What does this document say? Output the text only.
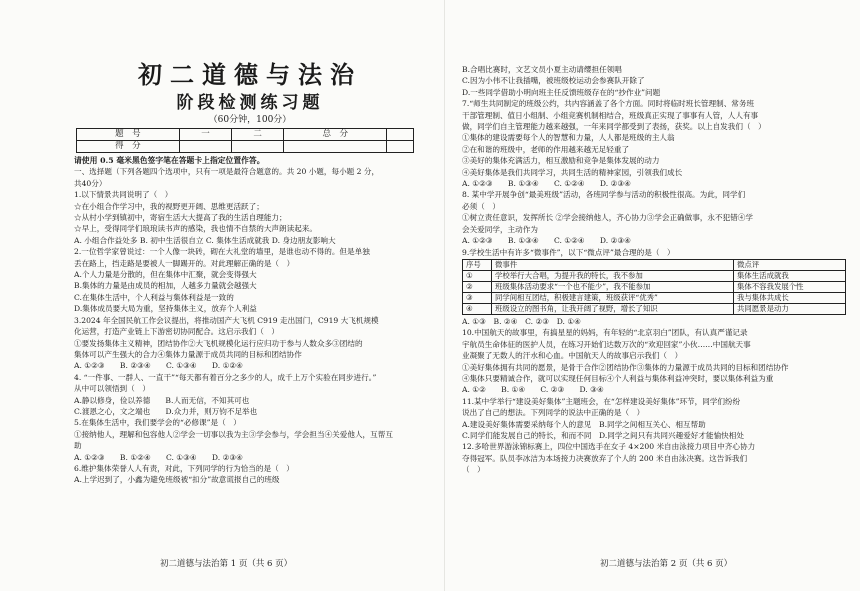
初二道德与法治

阶段检测练习题

（60分钟，100分）

题　号	一	二	总　分	
得　分				

请使用 0.5 毫米黑色签字笔在答题卡上指定位置作答。

一、选择题（下列各题四个选项中，只有一项是最符合题意的。共 20 小题，每小题 2 分，

共40分）

1.以下情景共同说明了（　）

☆在小组合作学习中，我的视野更开阔、思维更活跃了；

☆从村小学到镇初中，寄宿生活大大提高了我的生活自理能力；

☆早上，受得同学们琅琅读书声的感染，我也情不自禁的大声朗读起来。

A. 小组合作益处多 B. 初中生活很自立 C. 集体生活成就我 D. 身边朋友影响大

2.一位哲学家曾说过：一个人像一块砖，砌在大礼堂的墙里，是谁也动不得的。但是单独

丢在路上，挡走路是要被人一脚踢开的。对此理解正确的是（　）

A.个人力量是分散的，但在集体中汇聚，就会变得强大

B.集体的力量是由成员的相加，人越多力量就会越强大

C.在集体生活中，个人利益与集体利益是一致的

D.集体成员要大局为重，坚持集体主义，放弃个人利益

3.2024 年全国民航工作会议提出，将推动国产大飞机 C919 走出国门，C919 大飞机规模

化运营，打造产业链上下游密切协同配合。这启示我们（　）

①要发扬集体主义精神，团结协作②大飞机规模化运行应归功于参与人数众多③团结的

集体可以产生强大的合力④集体力量源于成员共同的目标和团结协作

A. ①②③　　B. ②③④　　C. ①③④　　D. ①②④

4. “一件事、一群人、一直干”“每天都有着百分之多少的人，成千上万个实验在同步进行。”

从中可以领悟到（　）

A.静以修身，俭以养德　　B.人而无信，不知其可也

C.渡恩之心，文之端也　　D.众力并，则万钧不足举也

5.在集体生活中，我们要学会的“必修课”是（　）

①接纳他人，理解和包容他人②学会一切事以我为主③学会参与，学会担当④关爱他人，互帮互

助

A. ①②③　　B. ①②④　　C. ①③④　　D. ②③④

6.维护集体荣誉人人有责，对此，下列同学的行为恰当的是（　）

A.上学迟到了，小鑫为避免班级被“扣分”故意谎报自己的班级

初二道德与法治第 1 页（共 6 页）

B.合唱比赛时，文艺文员小夏主动请缨担任领唱

C.因为小伟不让我插嘴，被班级校运动会参赛队开除了

D.一些同学借助小明向班主任反馈班级存在的“抄作业”问题

7.“师生共同制定的班级公约，共内容涵盖了各个方面。同时将临时班长管理制、常务班

干部管理制、值日小组制、小组竞赛机制相结合，班级真正实现了事事有人管，人人有事

做，同学们自主管理能力越来越强，一年来同学都受到了表扬，获奖。以上自发我们（　）

①集体的建设需要每个人的智慧和力量，人人都是班级的主人翁

②在和谐的班级中，老师的作用越来越无足轻重了

③美好的集体充满活力，相互激励和竞争是集体发展的动力

④美好集体是我们共同学习，共同生活的精神家园，引领我们成长

A. ①②③　　B. ①③④　　C. ①②④　　D. ②③④

8. 某中学开展争创“最美班级”活动，各班同学参与活动的积极性很高。为此，同学们

必须（　）

①树立责任意识，发挥所长 ②学会接纳他人，齐心协力③学会正确做事，永不犯错④学

会关爱同学，主动作为

A. ①②③　　B. ①③④　　C. ①②④　　D. ②③④

9.学校生活中有许多“微事件”，以下“微点评”最合理的是（　）

序号	微事件	微点评
①	学校举行大合唱，为提升我的特长，我不参加	集体生活成就我
②	班级集体活动要求“一个也不能少”，我不能参加	集体不容我发展个性
③	同学间相互团结，积极建言建策，班级获评“优秀”	我与集体共成长
④	班级设立的图书角，让我开阔了视野，增长了知识	共同愿景是动力

A. ①③　B. ②④　C. ②③　D. ①④

10.中国航天的故事里，有搞星星的妈妈，有年轻的“北京羽白”团队，有认真严谨记录

宇航员生命体征的医护人员，在练习开始们达数万次的“欢迎回家”小伙……中国航天事

业凝聚了无数人的汗水和心血。中国航天人的故事启示我们（　）

①美好集体拥有共同的愿景，是骨于合作②团结协作③集体的力量源于成员共同的目标和团结协作

④集体只要精诚合作，就可以实现任何目标④个人利益与集体利益冲突时，要以集体利益为重

A. ①②　　B. ①④　　C. ②③　　D. ③④

11.某中学举行“建设美好集体”主题班会，在“怎样建设美好集体”环节，同学们纷纷

说出了自己的想法。下列同学的说法中正确的是（　）

A.建设美好集体需要采纳每个人的意见　B.同学之间相互关心、相互帮助

C.同学们能发展自己的特长，和而不同　D.同学之间只有共同兴趣爱好才能愉快相处

12.多哈世界游泳锦标赛上，四位中国选手在女子 4×200 米自由泳接力项目中齐心协力

夺得冠军。队员李冰洁为本场接力决赛放弃了个人的 200 米自由泳决赛。这告诉我们

（　）

初二道德与法治第 2 页（共 6 页）
